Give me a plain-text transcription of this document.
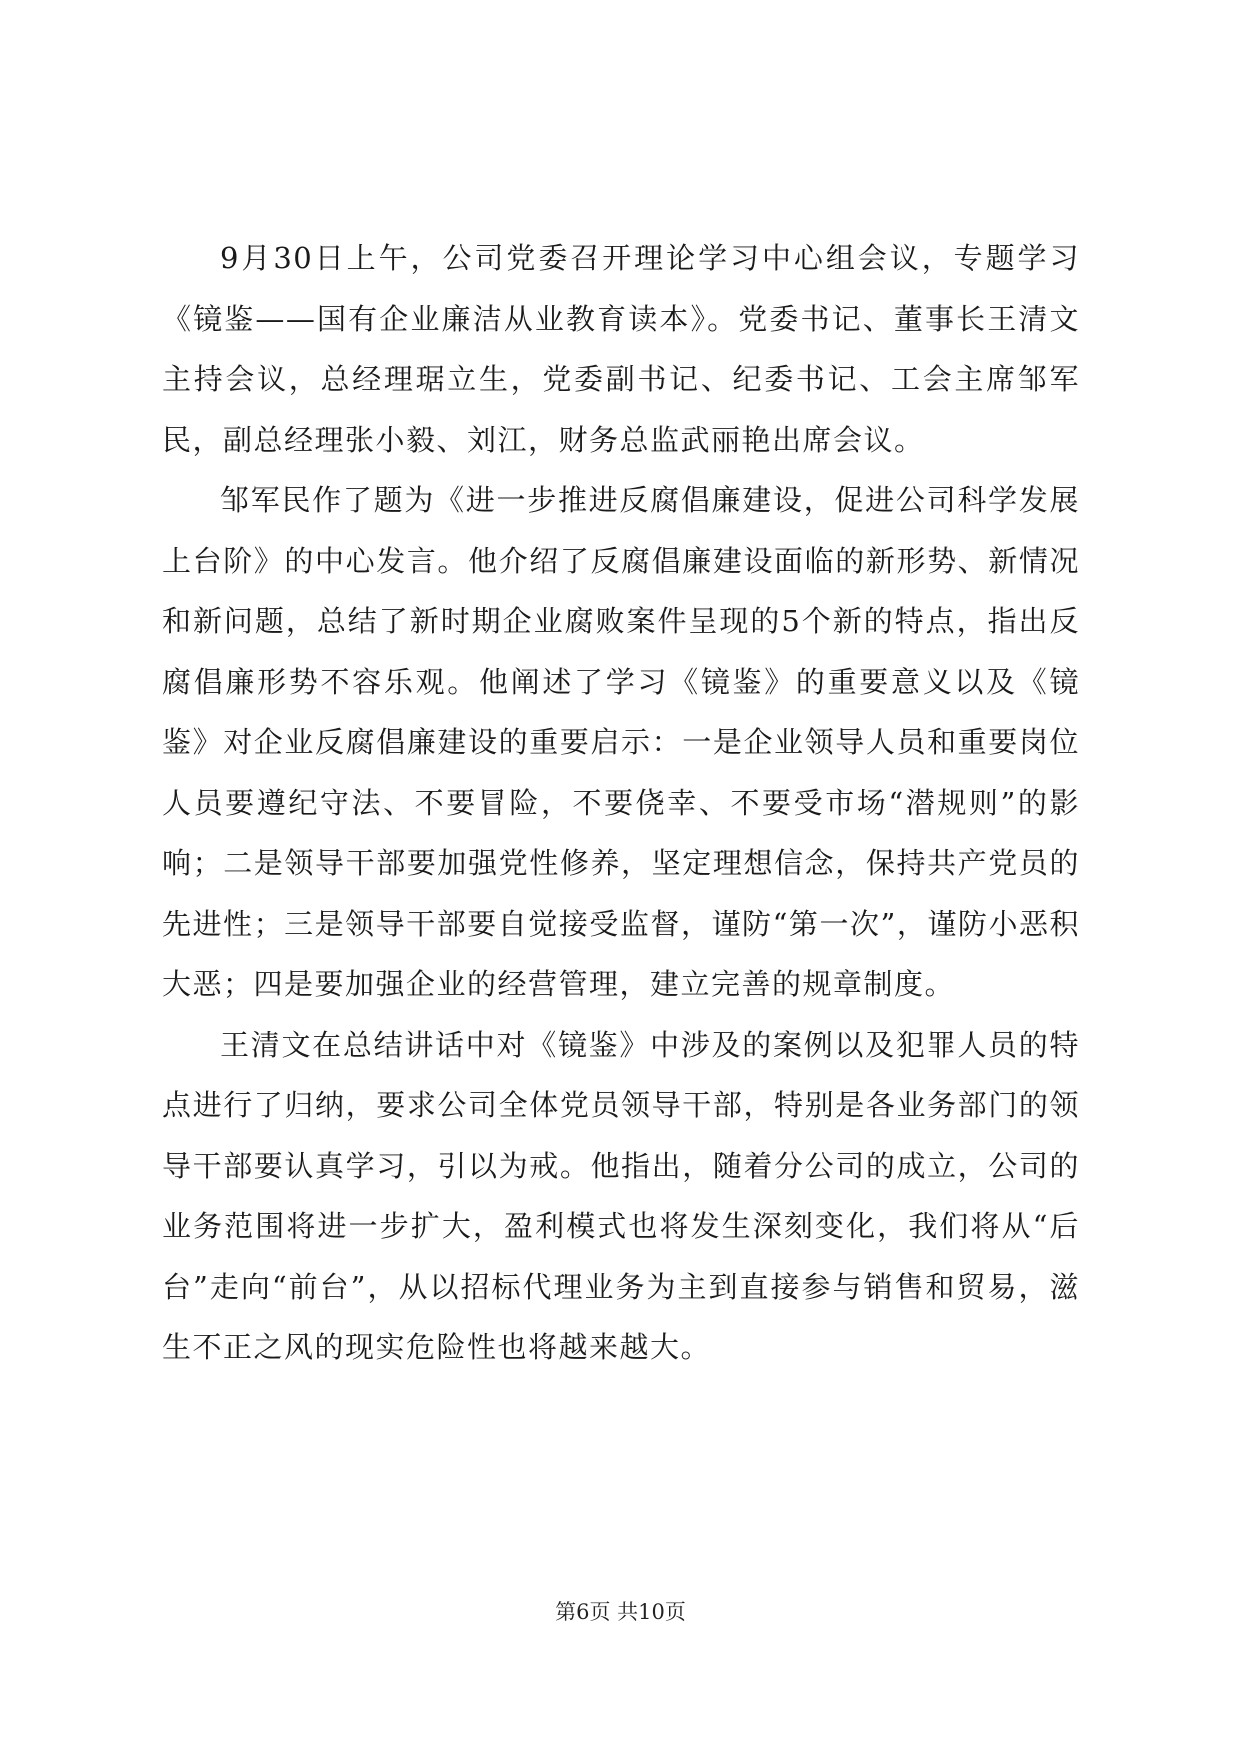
9月30日上午，公司党委召开理论学习中心组会议，专题学习《镜鉴——国有企业廉洁从业教育读本》。党委书记、董事长王清文主持会议，总经理琚立生，党委副书记、纪委书记、工会主席邹军民，副总经理张小毅、刘江，财务总监武丽艳出席会议。

邹军民作了题为《进一步推进反腐倡廉建设，促进公司科学发展上台阶》的中心发言。他介绍了反腐倡廉建设面临的新形势、新情况和新问题，总结了新时期企业腐败案件呈现的5个新的特点，指出反腐倡廉形势不容乐观。他阐述了学习《镜鉴》的重要意义以及《镜鉴》对企业反腐倡廉建设的重要启示：一是企业领导人员和重要岗位人员要遵纪守法、不要冒险，不要侥幸、不要受市场“潜规则”的影响；二是领导干部要加强党性修养，坚定理想信念，保持共产党员的先进性；三是领导干部要自觉接受监督，谨防“第一次”，谨防小恶积大恶；四是要加强企业的经营管理，建立完善的规章制度。

王清文在总结讲话中对《镜鉴》中涉及的案例以及犯罪人员的特点进行了归纳，要求公司全体党员领导干部，特别是各业务部门的领导干部要认真学习，引以为戒。他指出，随着分公司的成立，公司的业务范围将进一步扩大，盈利模式也将发生深刻变化，我们将从“后台”走向“前台”，从以招标代理业务为主到直接参与销售和贸易，滋生不正之风的现实危险性也将越来越大。

第6页 共10页
